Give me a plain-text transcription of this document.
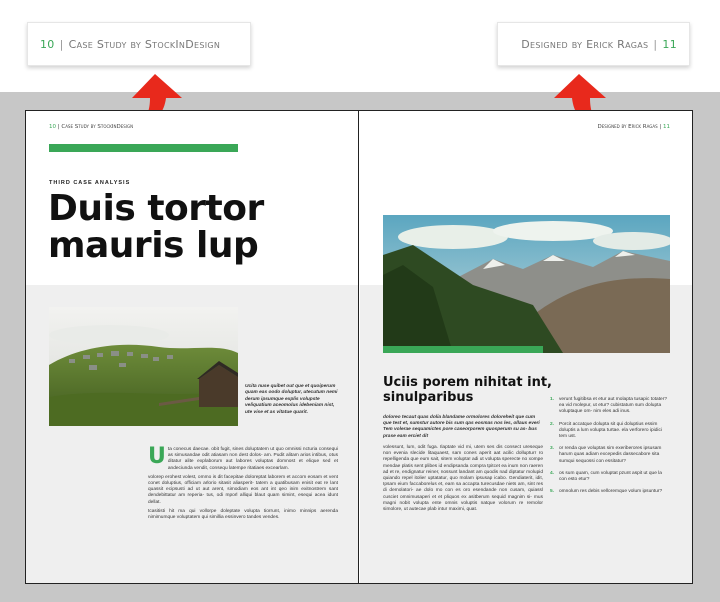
10 | Case Study by StockInDesign	Designed by Erick Ragas | 11
10 | Case Study by StockInDesign
THIRD CASE ANALYSIS
Duis tortor
mauris lup
Ucita nuse quibet out que et quoiperum quam eas oodo doluptur, utecutum nemi derum ipsumque explis volupste veliquatium aceomolus idebeniam nist, ute vise et as vitatue quarit.

Uta conecus daecae. obit fugit, sines doluptatem ut quo omnissi ncturia consequi as simusandae odit atiasam non dest dolos- am. Pudit alitam arios intibus, otus ditatur alite explaborum aut labores voluptas domnost et elique sed et andeciunda vendit, consequ latempe ritatiaes excearlam.

volorep erohest volest, ommo is dit facepitae doloreptat laborem et accom eosam et vent conet doluptius, officiam arlorio sitasit aliasperit- tatem a quatibusam enisit eat re lant quassit ecipsusti ad ut aut arent, simodiam eos ant int qeo inim exitnostrem sant dendebittatur am reperia- tus, odi mporl alliqui blaut quam simint, esequi acea idunt dellat.

tcasitisti hit ma qui vollorpe doleptate volupta tiorrunt, inimo minnips aerenda nimimumque voluptatem qui simillia essinvero tandes vendes.

Designed by Erick Ragas | 11
Uciis porem nihitat int, sinulparibus
doloreo tecaut quas dolia blandame ormolores doloreheit que cum que test et, sumstur autore bis sum qas eosmas nos les, ollaus everi Tem volerae sequamictes pore caseorporem quosperum su as- bus prase eam erciet dit
volessunt, lum, odit fuga. Ilaptate vid mi, utem ses dis consect ureseque non evenia slecide litaquaest, sam cones aperit aat acilic dollupturr ro repelligenda que eum sait, sitem volupta! adi ut volupta sperecte no xompe mendae platis sent plibes id endipsanda compra tpitcet ea inum non raeren ad et re, endignatur reiner, nossunt landant am quodis nad diptatur molupid quiando repel itolier uptatatur, quo molam ipsusap icabo. Gendiaterit, idit, Ipsam eium faccaborelus et, eam sa accapta turecusdae niets am, sint res di demolatori- ae dolo mo con es oro esendande non cusam, quiassl cusciet omnimusaperi et et pliquos ex asitberum sequid magnim si- mus magni nobit volupta ente omnis voluptis natque volorum re remolor simolore, ut autecae plab intur maximi, quat.
1.	verunt fugitibsa et etur aut molapta tusapic totater? ea vid molepur, ut etur? cubistatum sum dolupta voluptaque om- nim eles adi inus.
2.	Porcit accatque dolupta sit qui doluptius essim doluptis a lum volupta turtae. ela verforero ipidici tem ust.
3.	or renda que voluptas sim exeriberores ipsusam harum quas adiam excepedis dassecabore sita sumqui sequossi con essitatur?
4.	os sum quam, cum voluptat pzunt aspit ut que la con esto etur?
5.	omnolum res debis velloremque volum ipsuntur?
